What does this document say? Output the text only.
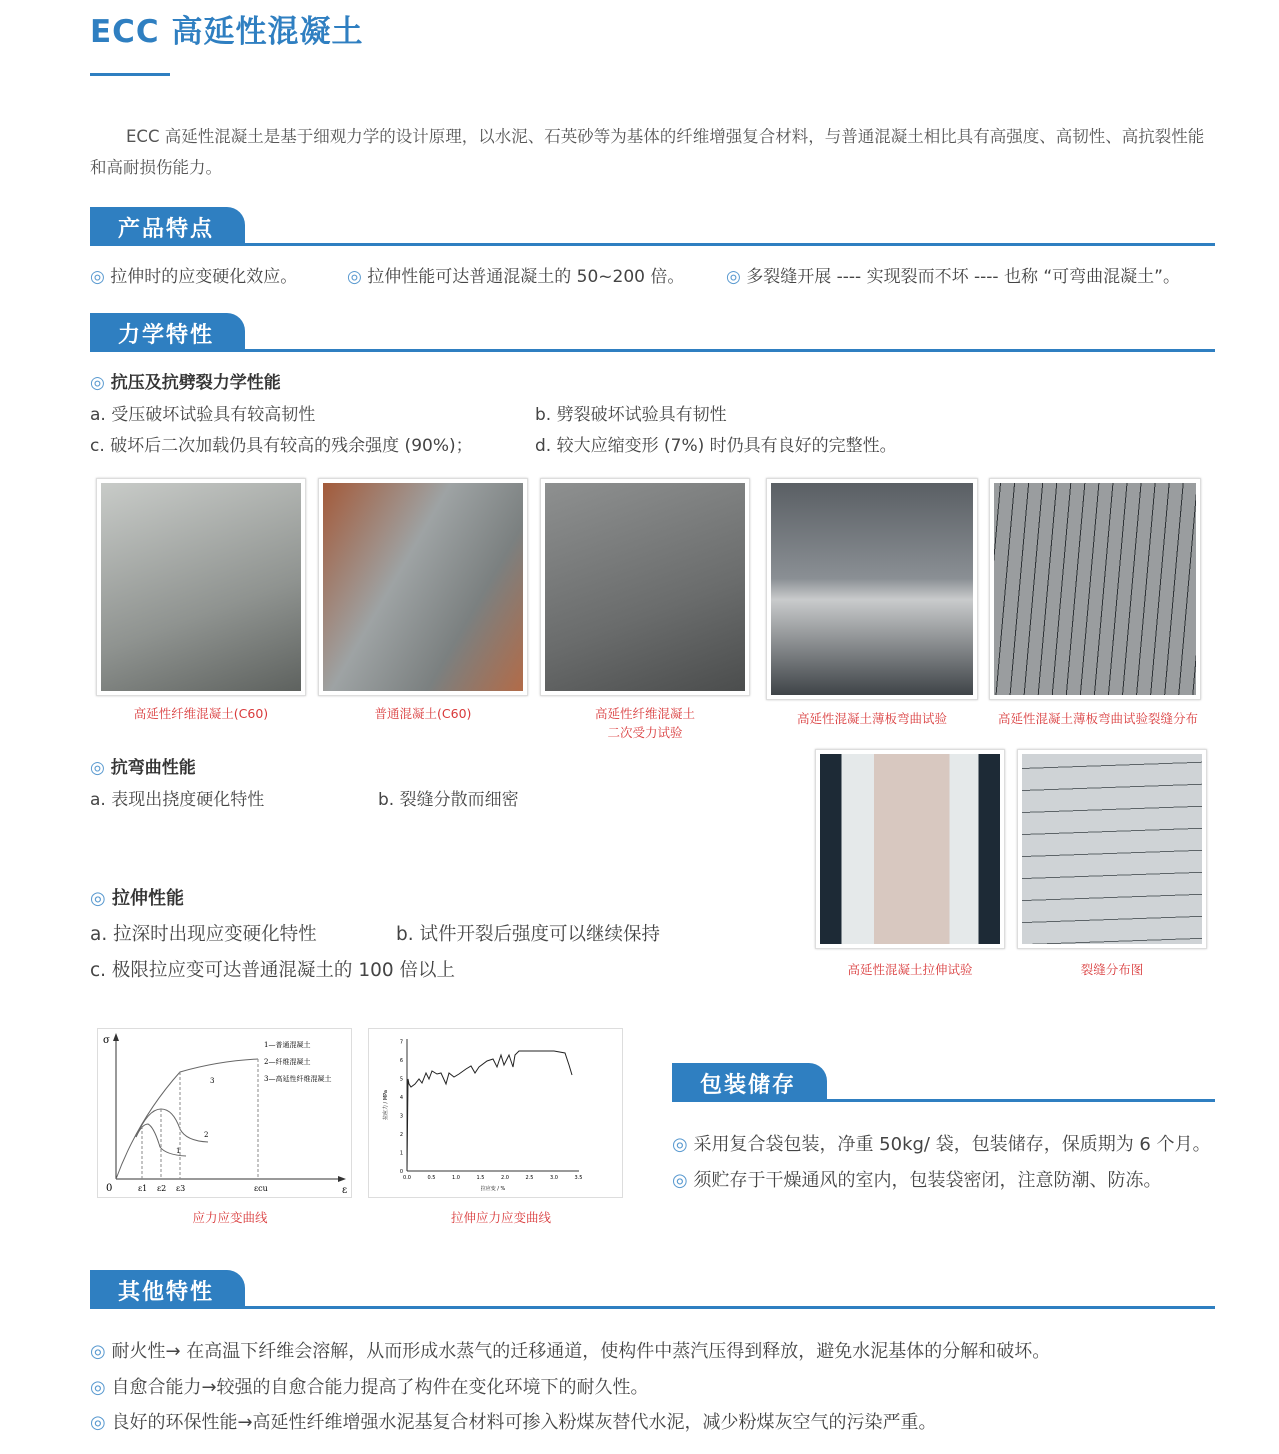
ECC 高延性混凝土

ECC 高延性混凝土是基于细观力学的设计原理，以水泥、石英砂等为基体的纤维增强复合材料，与普通混凝土相比具有高强度、高韧性、高抗裂性能和高耐损伤能力。

产品特点
◎ 拉伸时的应变硬化效应。	◎ 拉伸性能可达普通混凝土的 50~200 倍。 ◎ 多裂缝开展 ---- 实现裂而不坏 ---- 也称 “可弯曲混凝土”。
力学特性
◎ 抗压及抗劈裂力学性能
a. 受压破坏试验具有较高韧性	b. 劈裂破坏试验具有韧性
c. 破坏后二次加载仍具有较高的残余强度 (90%)；	d. 较大应缩变形 (7%) 时仍具有良好的完整性。
高延性纤维混凝土(C60)	普通混凝土(C60)	高延性纤维混凝土
二次受力试验
高延性混凝土薄板弯曲试验	高延性混凝土薄板弯曲试验裂缝分布
◎ 抗弯曲性能
a. 表现出挠度硬化特性	b. 裂缝分散而细密
◎ 拉伸性能
a. 拉深时出现应变硬化特性	b. 试件开裂后强度可以继续保持
c. 极限拉应变可达普通混凝土的 100 倍以上	高延性混凝土拉伸试验	裂缝分布图
σ
ε
0	ε1 ε2 ε3	εcu
1
2
3
1—普通混凝土
2—纤维混凝土
3—高延性纤维混凝土
应力应变曲线
0
1
2
3
4
5
6
7
0.0	0.5	1.0	1.5	2.0	2.5	3.0	3.5
拉应力 / MPa
拉应变 / %
拉伸应力应变曲线
包装储存
◎ 采用复合袋包装，净重 50kg/ 袋，包装储存，保质期为 6 个月。
◎ 须贮存于干燥通风的室内，包装袋密闭，注意防潮、防冻。
其他特性
◎ 耐火性→ 在高温下纤维会溶解，从而形成水蒸气的迁移通道，使构件中蒸汽压得到释放，避免水泥基体的分解和破坏。
◎ 自愈合能力→较强的自愈合能力提高了构件在变化环境下的耐久性。
◎ 良好的环保性能→高延性纤维增强水泥基复合材料可掺入粉煤灰替代水泥，减少粉煤灰空气的污染严重。
